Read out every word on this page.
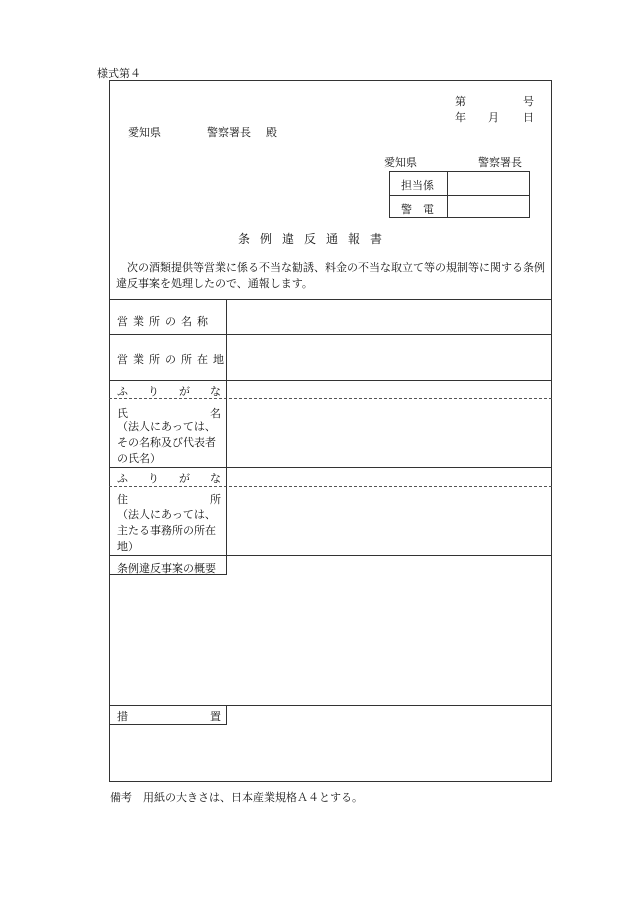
様式第４
第	号
年 月 日
愛知県	警察署長 殿
愛知県	警察署長
担当係
警　電
条例違反通報書
　次の酒類提供等営業に係る不当な勧誘、料金の不当な取立て等の規制等に関する条例違反事案を処理したので、通報します。
営業所の名称
営業所の所在地
ふ り が な
氏	名
（法人にあっては、その名称及び代表者の氏名）
ふ り が な
住	所
（法人にあっては、主たる事務所の所在地）
条例違反事案の概要
措	置
備考　用紙の大きさは、日本産業規格Ａ４とする。
